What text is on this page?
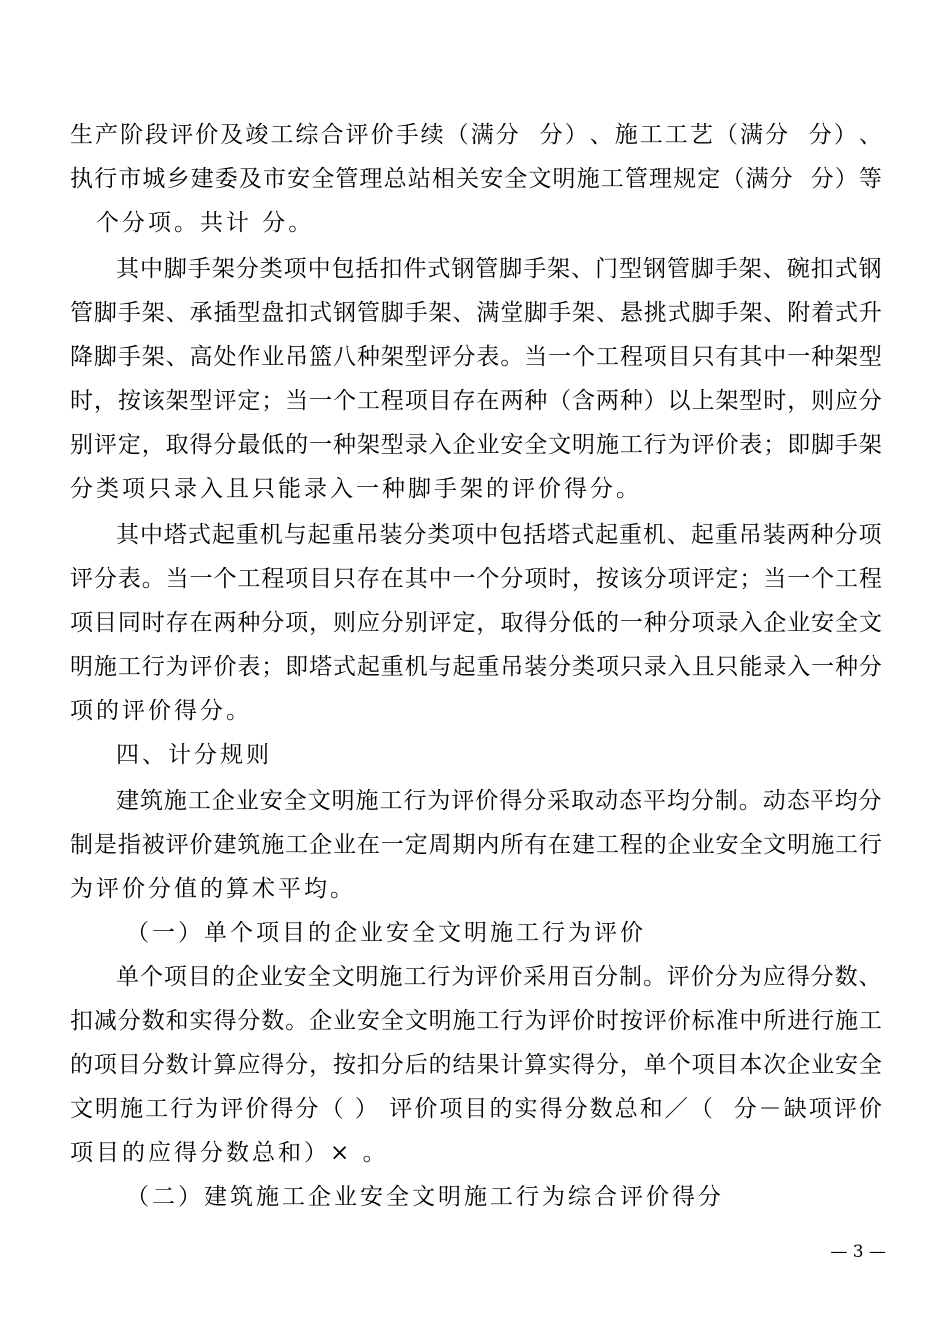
生 产 阶 段 评 价 及 竣 工 综 合 评 价 手 续 （ 满 分

分 ） 、 施 工 工 艺 （ 满 分

分 ） 、
执 行 市 城 乡 建 委 及 市 安 全 管 理 总 站 相 关 安 全 文 明 施 工 管 理 规 定 （ 满 分

分 ） 等
个分项。共计 分。
其 中 脚 手 架 分 类 项 中 包 括 扣 件 式 钢 管 脚 手 架 、 门 型 钢 管 脚 手 架 、 碗 扣 式 钢
管 脚 手 架 、 承 插 型 盘 扣 式 钢 管 脚 手 架 、 满 堂 脚 手 架 、 悬 挑 式 脚 手 架 、 附 着 式 升
降 脚 手 架 、 高 处 作 业 吊 篮 八 种 架 型 评 分 表 。 当 一 个 工 程 项 目 只 有 其 中 一 种 架 型
时 ， 按 该 架 型 评 定 ； 当 一 个 工 程 项 目 存 在 两 种 （ 含 两 种 ） 以 上 架 型 时 ， 则 应 分
别 评 定 ， 取 得 分 最 低 的 一 种 架 型 录 入 企 业 安 全 文 明 施 工 行 为 评 价 表 ； 即 脚 手 架
分类项只录入且只能录入一种脚手架的评价得分。
其 中 塔 式 起 重 机 与 起 重 吊 装 分 类 项 中 包 括 塔 式 起 重 机 、 起 重 吊 装 两 种 分 项
评 分 表 。 当 一 个 工 程 项 目 只 存 在 其 中 一 个 分 项 时 ， 按 该 分 项 评 定 ； 当 一 个 工 程
项 目 同 时 存 在 两 种 分 项 ， 则 应 分 别 评 定 ， 取 得 分 低 的 一 种 分 项 录 入 企 业 安 全 文
明 施 工 行 为 评 价 表 ； 即 塔 式 起 重 机 与 起 重 吊 装 分 类 项 只 录 入 且 只 能 录 入 一 种 分
项的评价得分。
四、计分规则
建 筑 施 工 企 业 安 全 文 明 施 工 行 为 评 价 得 分 采 取 动 态 平 均 分 制 。 动 态 平 均 分
制 是 指 被 评 价 建 筑 施 工 企 业 在 一 定 周 期 内 所 有 在 建 工 程 的 企 业 安 全 文 明 施 工 行
为评价分值的算术平均。
（一）单个项目的企业安全文明施工行为评价
单 个 项 目 的 企 业 安 全 文 明 施 工 行 为 评 价 采 用 百 分 制 。 评 价 分 为 应 得 分 数 、
扣 减 分 数 和 实 得 分 数 。 企 业 安 全 文 明 施 工 行 为 评 价 时 按 评 价 标 准 中 所 进 行 施 工
的 项 目 分 数 计 算 应 得 分 ， 按 扣 分 后 的 结 果 计 算 实 得 分 ， 单 个 项 目 本 次 企 业 安 全
文 明 施 工 行 为 评 价 得 分 （
）
评 价 项 目 的 实 得 分 数 总 和 ／ （

分 － 缺 项 评 价
项目的应得分数总和）× 。
（二）建筑施工企业安全文明施工行为综合评价得分
— 3 —
